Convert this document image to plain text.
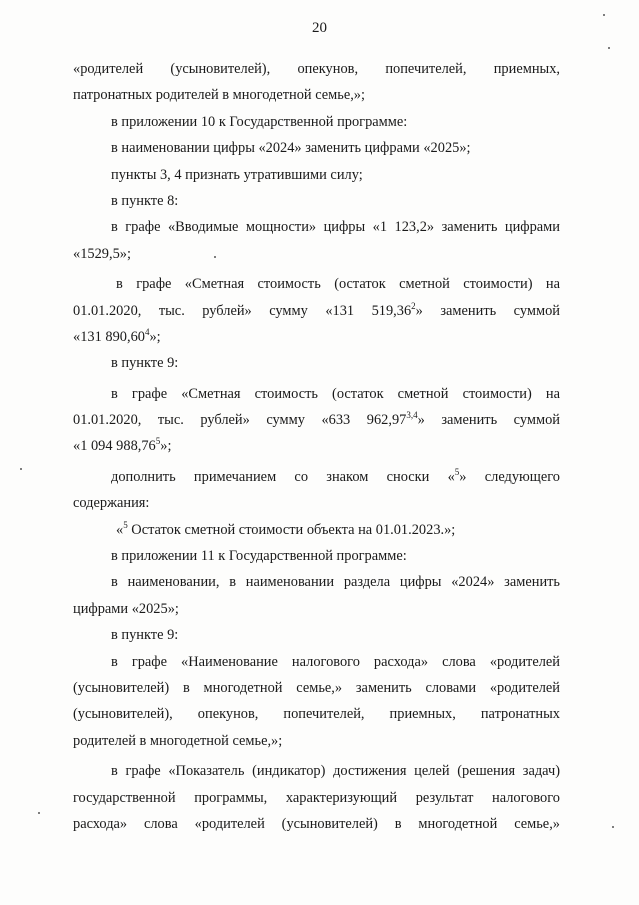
20
«родителей (усыновителей), опекунов, попечителей, приемных,
патронатных родителей в многодетной семье,»;
в приложении 10 к Государственной программе:
в наименовании цифры «2024» заменить цифрами «2025»;
пункты 3, 4 признать утратившими силу;
в пункте 8:
в графе «Вводимые мощности» цифры «1 123,2» заменить цифрами
«1529,5»;
в графе «Сметная стоимость (остаток сметной стоимости) на
01.01.2020, тыс. рублей» сумму «131 519,36$^2$» заменить суммой
«131 890,60$^4$»;
в пункте 9:
в графе «Сметная стоимость (остаток сметной стоимости) на
01.01.2020, тыс. рублей» сумму «633 962,97$^{3,4}$» заменить суммой
«1 094 988,76$^5$»;
дополнить примечанием со знаком сноски «$^5$» следующего
содержания:
«$^5$ Остаток сметной стоимости объекта на 01.01.2023.»;
в приложении 11 к Государственной программе:
в наименовании, в наименовании раздела цифры «2024» заменить
цифрами «2025»;
в пункте 9:
в графе «Наименование налогового расхода» слова «родителей
(усыновителей) в многодетной семье,» заменить словами «родителей
(усыновителей), опекунов, попечителей, приемных, патронатных
родителей в многодетной семье,»;
в графе «Показатель (индикатор) достижения целей (решения задач)
государственной программы, характеризующий результат налогового
расхода» слова «родителей (усыновителей) в многодетной семье,»
